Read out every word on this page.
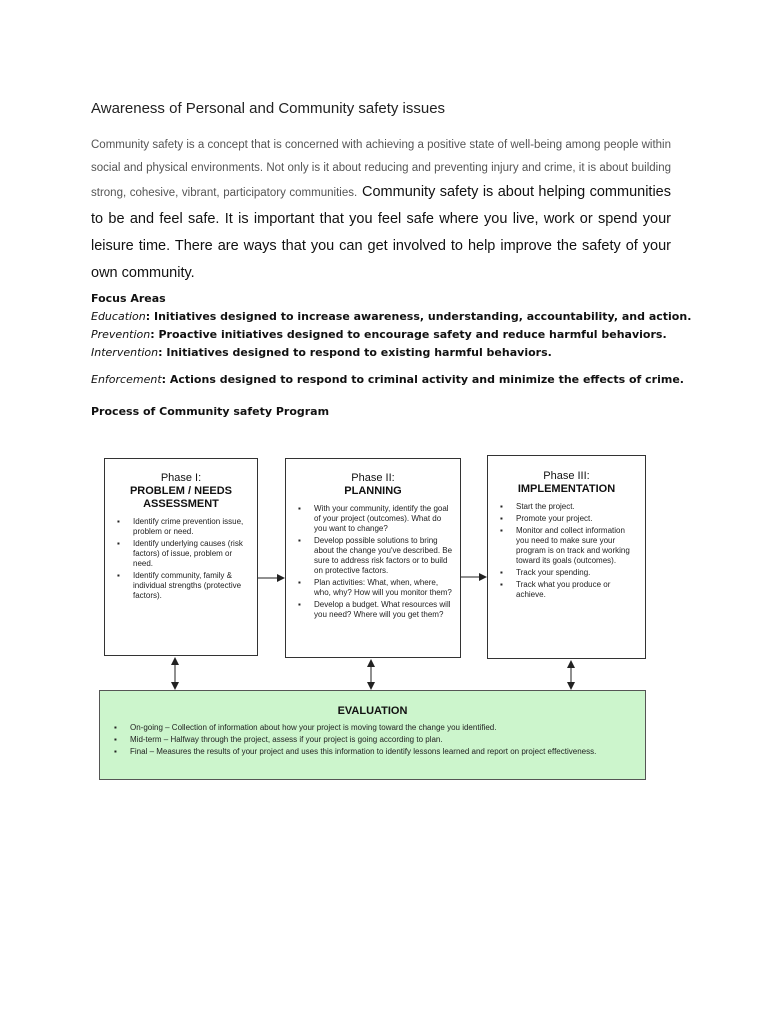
Awareness of Personal and Community safety issues

Community safety is a concept that is concerned with achieving a positive state of well-being among people within social and physical environments. Not only is it about reducing and preventing injury and crime, it is about building strong, cohesive, vibrant, participatory communities. Community safety is about helping communities to be and feel safe. It is important that you feel safe where you live, work or spend your leisure time. There are ways that you can get involved to help improve the safety of your own community.

Focus Areas
Education: Initiatives designed to increase awareness, understanding, accountability, and action.
Prevention: Proactive initiatives designed to encourage safety and reduce harmful behaviors.
Intervention: Initiatives designed to respond to existing harmful behaviors.
Enforcement: Actions designed to respond to criminal activity and minimize the effects of crime.
Process of Community safety Program
Phase I:
PROBLEM / NEEDS ASSESSMENT
▪ Identify crime prevention issue, problem or need.
▪ Identify underlying causes (risk factors) of issue, problem or need.
▪ Identify community, family & individual strengths (protective factors).
Phase II:
PLANNING
▪ With your community, identify the goal of your project (outcomes). What do you want to change?
▪ Develop possible solutions to bring about the change you've described. Be sure to address risk factors or to build on protective factors.
▪ Plan activities: What, when, where, who, why? How will you monitor them?
▪ Develop a budget. What resources will you need? Where will you get them?
Phase III:
IMPLEMENTATION
▪ Start the project.
▪ Promote your project.
▪ Monitor and collect information you need to make sure your program is on track and working toward its goals (outcomes).
▪ Track your spending.
▪ Track what you produce or achieve.
EVALUATION
▪ On-going – Collection of information about how your project is moving toward the change you identified.
▪ Mid-term – Halfway through the project, assess if your project is going according to plan.
▪ Final – Measures the results of your project and uses this information to identify lessons learned and report on project effectiveness.
